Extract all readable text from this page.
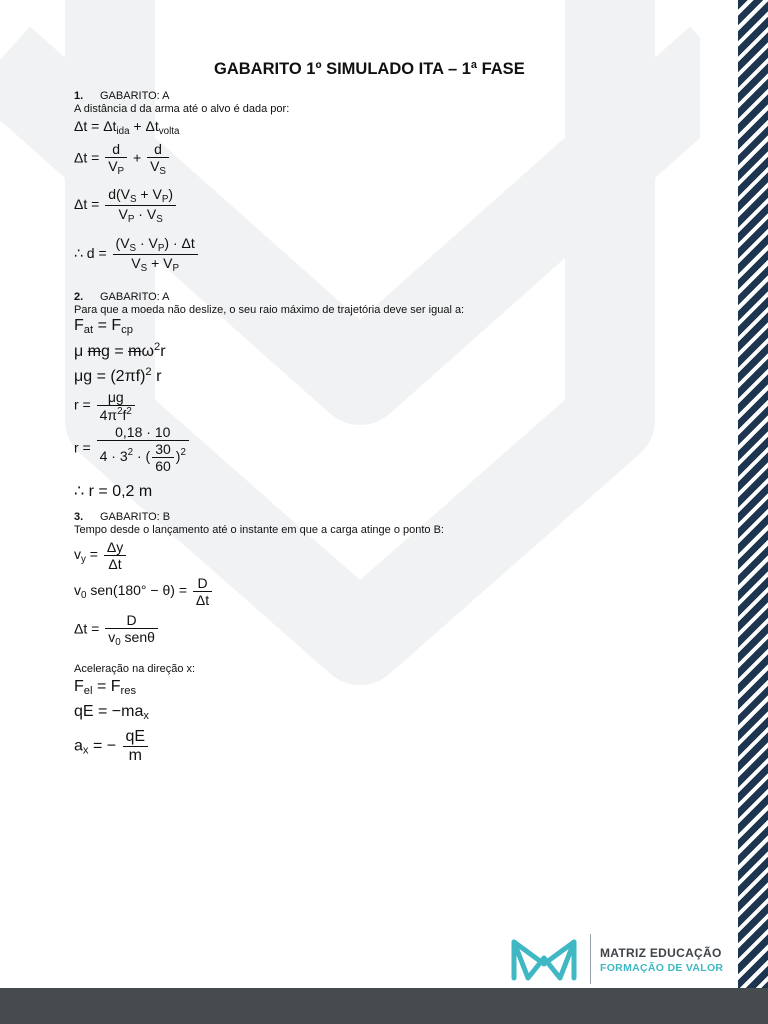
GABARITO 1º SIMULADO ITA – 1ª FASE
1. GABARITO: A
A distância d da arma até o alvo é dada por:
$\Delta t = \Delta t_{ida} + \Delta t_{volta}$
$\Delta t = \frac{d}{V_P} + \frac{d}{V_S}$
$\Delta t = \frac{d(V_S + V_P)}{V_P \cdot V_S}$
∴ $d = \frac{(V_S \cdot V_P) \cdot \Delta t}{V_S + V_P}$
2. GABARITO: A
Para que a moeda não deslize, o seu raio máximo de trajetória deve ser igual a:
$F_{at} = F_{cp}$
μ mg = $m\omega^2r$
$\mu g = (2\pi f)^2$ r
$r = \frac{\mu g}{4\pi^2f^2}$
$r = \frac{0,18 \cdot 10}{4 \cdot 3^2 \cdot ( \frac{30}{60} )^2}$
∴ r = 0,2 m
3. GABARITO: B
Tempo desde o lançamento até o instante em que a carga atinge o ponto B:
$v_y = \frac{\Delta y}{\Delta t}$
$v_0$ $sen(180^\circ - \theta) = \frac{D}{\Delta t}$
$\Delta t = \frac{D}{v_0 sen\theta}$
Aceleração na direção x:
$F_{el} = F_{res}$
qE = $-ma_x$
$a_x$ = − $\frac{qE}{m}$
MATRIZ EDUCAÇÃO
FORMAÇÃO DE VALOR
